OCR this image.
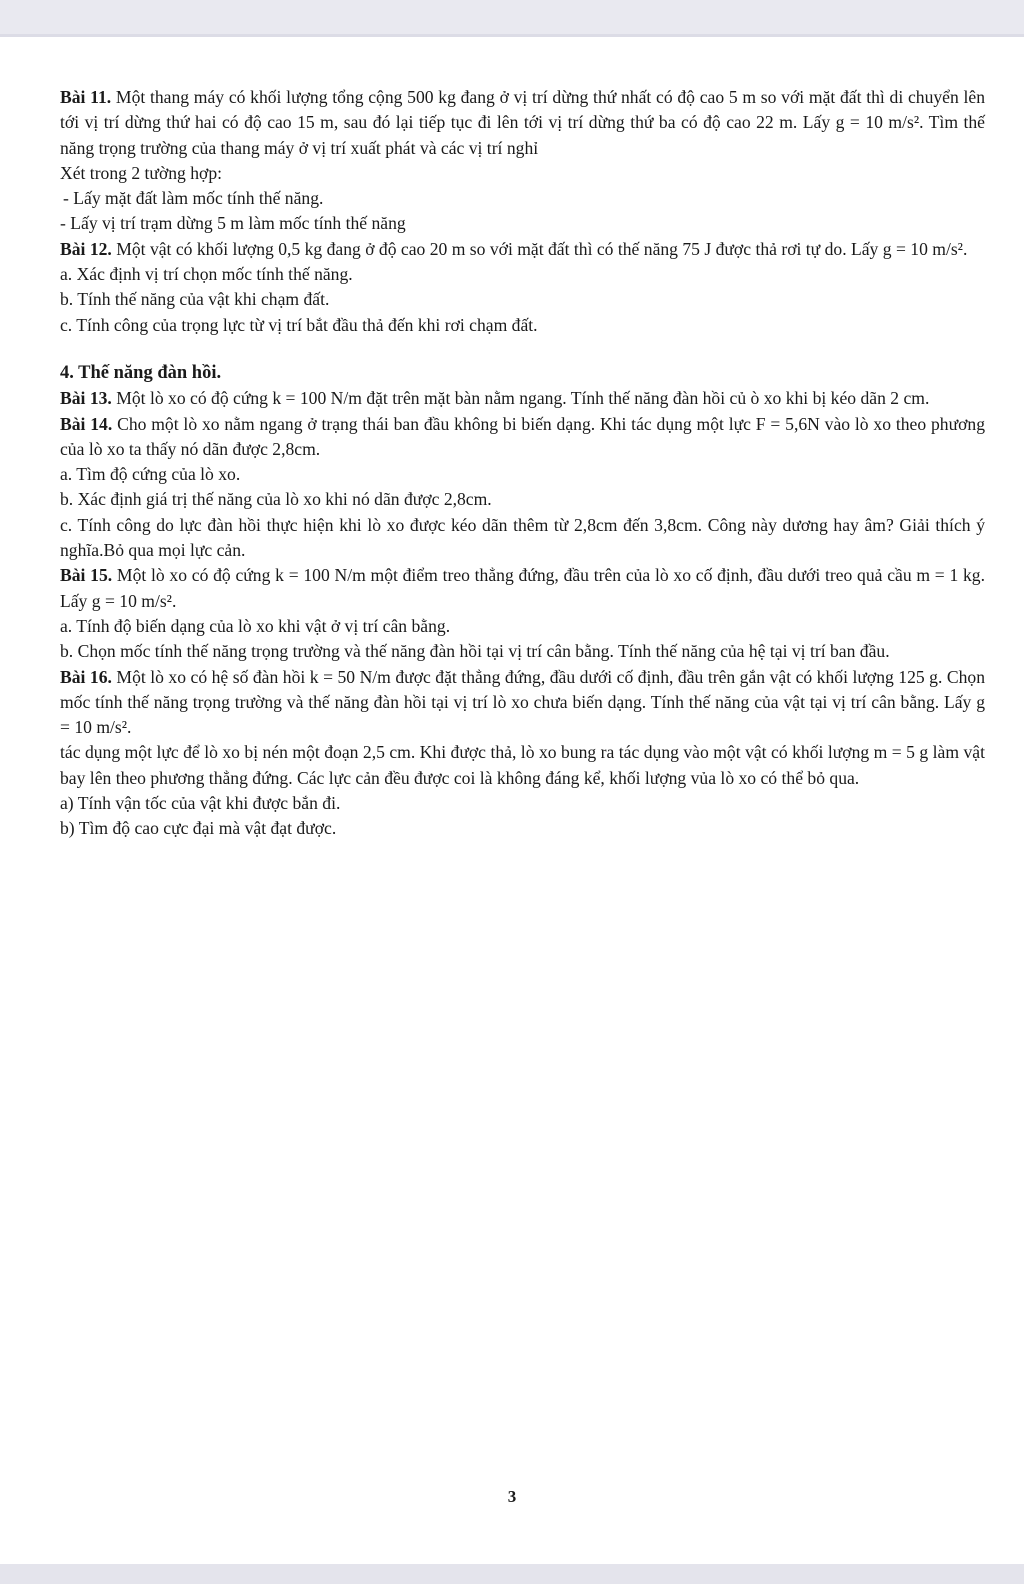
Bài 11. Một thang máy có khối lượng tổng cộng 500 kg đang ở vị trí dừng thứ nhất có độ cao 5 m so với mặt đất thì di chuyển lên tới vị trí dừng thứ hai có độ cao 15 m, sau đó lại tiếp tục đi lên tới vị trí dừng thứ ba có độ cao 22 m. Lấy g = 10 m/s². Tìm thế năng trọng trường của thang máy ở vị trí xuất phát và các vị trí nghỉ

Xét trong 2 tường hợp:

- Lấy mặt đất làm mốc tính thế năng.

- Lấy vị trí trạm dừng 5 m làm mốc tính thế năng

Bài 12. Một vật có khối lượng 0,5 kg đang ở độ cao 20 m so với mặt đất thì có thế năng 75 J được thả rơi tự do. Lấy g = 10 m/s².

a. Xác định vị trí chọn mốc tính thế năng.

b. Tính thế năng của vật khi chạm đất.

c. Tính công của trọng lực từ vị trí bắt đầu thả đến khi rơi chạm đất.

4. Thế năng đàn hồi.

Bài 13. Một lò xo có độ cứng k = 100 N/m đặt trên mặt bàn nằm ngang. Tính thế năng đàn hồi củ ò xo khi bị kéo dãn 2 cm.

Bài 14. Cho một lò xo nằm ngang ở trạng thái ban đầu không bi biến dạng. Khi tác dụng một lực F = 5,6N vào lò xo theo phương của lò xo ta thấy nó dãn được 2,8cm.

a. Tìm độ cứng của lò xo.

b. Xác định giá trị thế năng của lò xo khi nó dãn được 2,8cm.

c. Tính công do lực đàn hồi thực hiện khi lò xo được kéo dãn thêm từ 2,8cm đến 3,8cm. Công này dương hay âm? Giải thích ý nghĩa.Bỏ qua mọi lực cản.

Bài 15. Một lò xo có độ cứng k = 100 N/m một điểm treo thẳng đứng, đầu trên của lò xo cố định, đầu dưới treo quả cầu m = 1 kg. Lấy g = 10 m/s².

a. Tính độ biến dạng của lò xo khi vật ở vị trí cân bằng.

b. Chọn mốc tính thế năng trọng trường và thế năng đàn hồi tại vị trí cân bằng. Tính thế năng của hệ tại vị trí ban đầu.

Bài 16. Một lò xo có hệ số đàn hồi k = 50 N/m được đặt thẳng đứng, đầu dưới cố định, đầu trên gắn vật có khối lượng 125 g. Chọn mốc tính thế năng trọng trường và thế năng đàn hồi tại vị trí lò xo chưa biến dạng. Tính thế năng của vật tại vị trí cân bằng. Lấy g = 10 m/s².

tác dụng một lực để lò xo bị nén một đoạn 2,5 cm. Khi được thả, lò xo bung ra tác dụng vào một vật có khối lượng m = 5 g làm vật bay lên theo phương thẳng đứng. Các lực cản đều được coi là không đáng kể, khối lượng vủa lò xo có thể bỏ qua.

a) Tính vận tốc của vật khi được bắn đi.

b) Tìm độ cao cực đại mà vật đạt được.

3
